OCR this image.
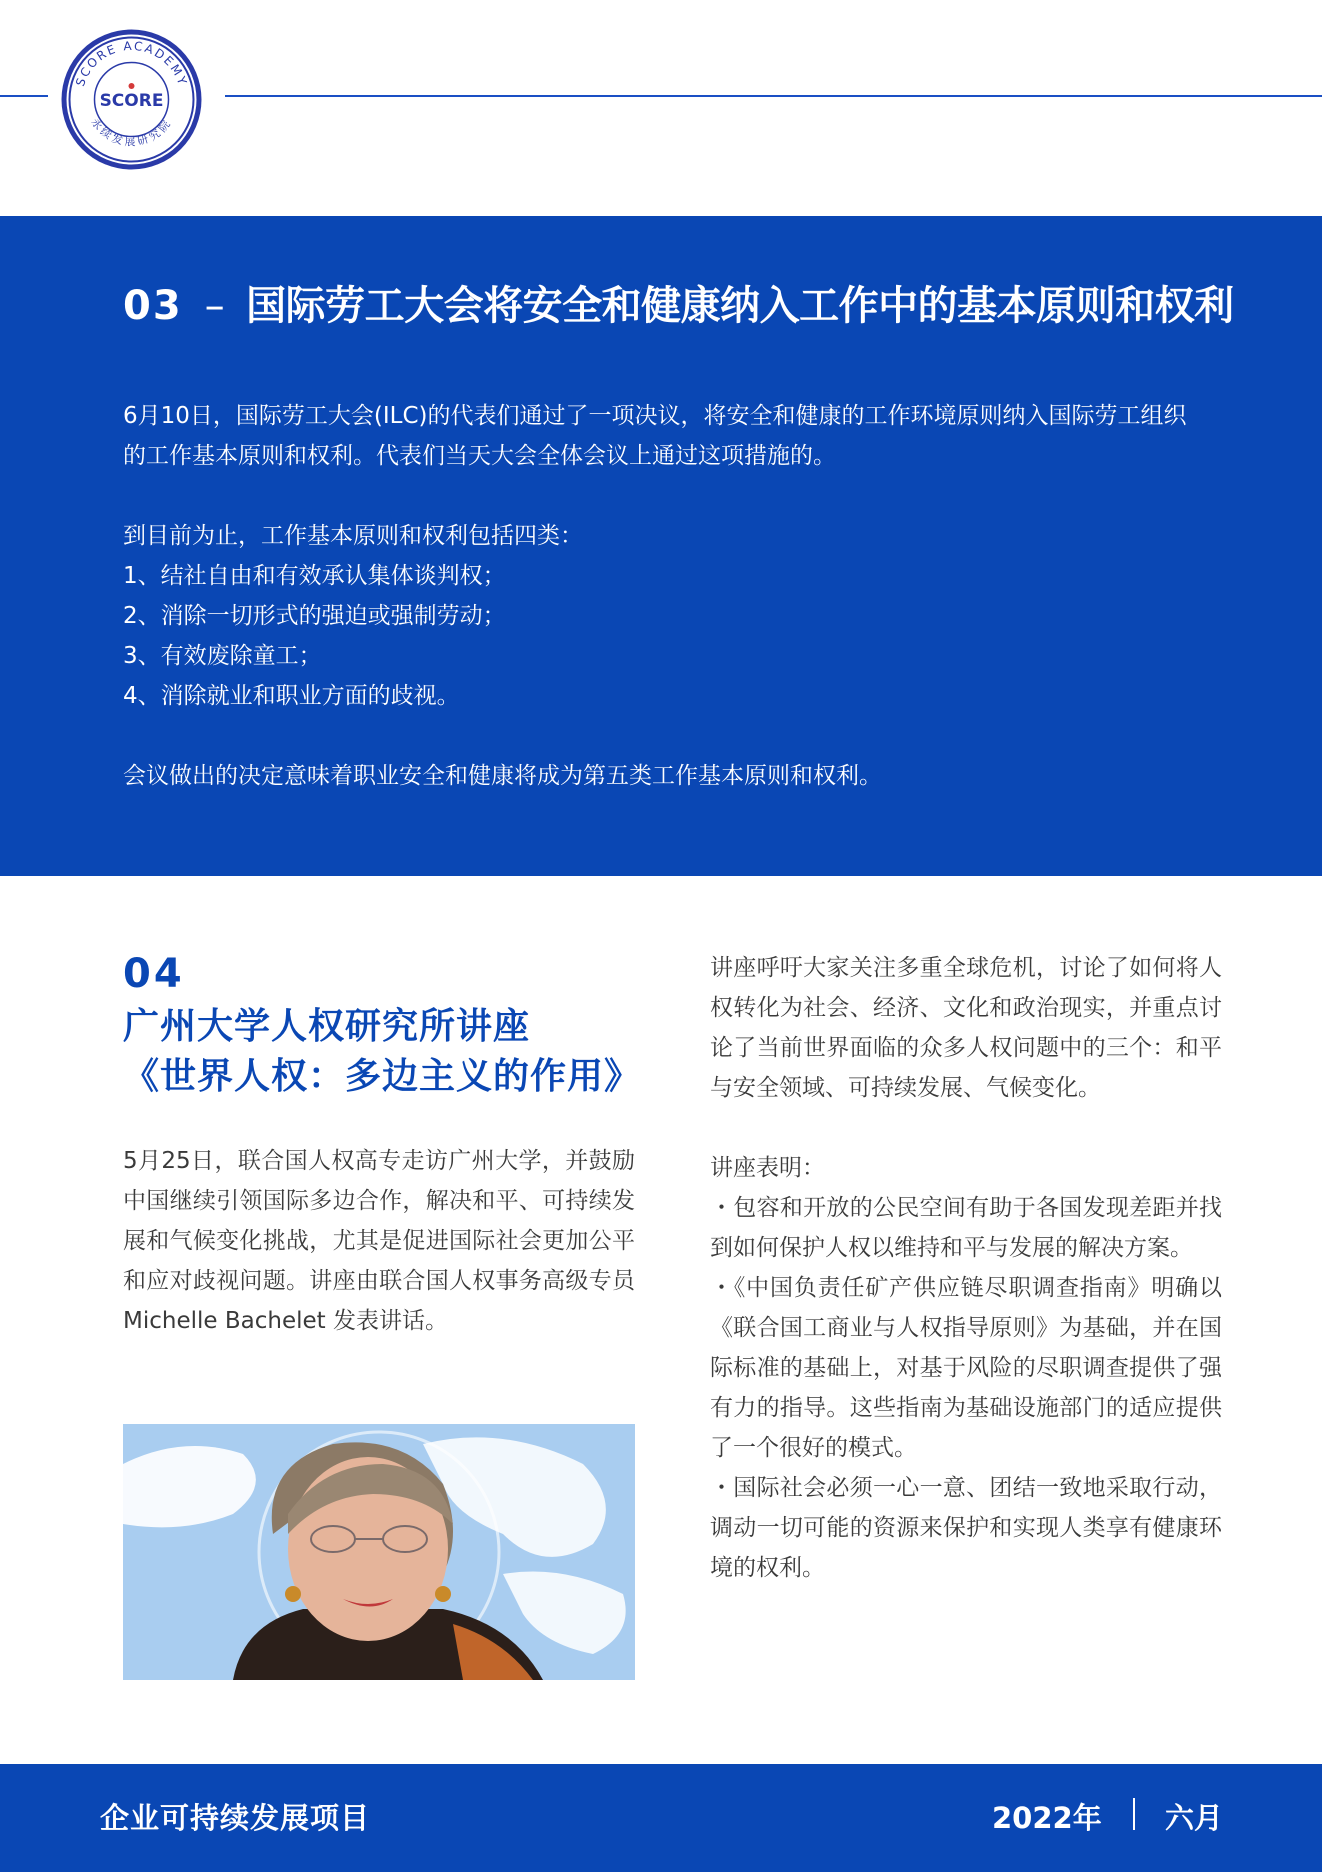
SCORE ACADEMY
永续发展研究院
SCORE
03 – 国际劳工大会将安全和健康纳入工作中的基本原则和权利

6月10日，国际劳工大会(ILC)的代表们通过了一项决议，将安全和健康的工作环境原则纳入国际劳工组织的工作基本原则和权利。代表们当天大会全体会议上通过这项措施的。

到目前为止，工作基本原则和权利包括四类：

1、结社自由和有效承认集体谈判权；

2、消除一切形式的强迫或强制劳动；

3、有效废除童工；

4、消除就业和职业方面的歧视。

会议做出的决定意味着职业安全和健康将成为第五类工作基本原则和权利。

04
广州大学人权研究所讲座
《世界人权：多边主义的作用》
5月25日，联合国人权高专走访广州大学，并鼓励中国继续引领国际多边合作，解决和平、可持续发展和气候变化挑战，尤其是促进国际社会更加公平和应对歧视问题。讲座由联合国人权事务高级专员 Michelle Bachelet 发表讲话。

讲座呼吁大家关注多重全球危机，讨论了如何将人权转化为社会、经济、文化和政治现实，并重点讨论了当前世界面临的众多人权问题中的三个：和平与安全领域、可持续发展、气候变化。

讲座表明：

・包容和开放的公民空间有助于各国发现差距并找到如何保护人权以维持和平与发展的解决方案。

・《中国负责任矿产供应链尽职调查指南》明确以《联合国工商业与人权指导原则》为基础，并在国际标准的基础上，对基于风险的尽职调查提供了强有力的指导。这些指南为基础设施部门的适应提供了一个很好的模式。

・国际社会必须一心一意、团结一致地采取行动，调动一切可能的资源来保护和实现人类享有健康环境的权利。

企业可持续发展项目	2022年 六月
